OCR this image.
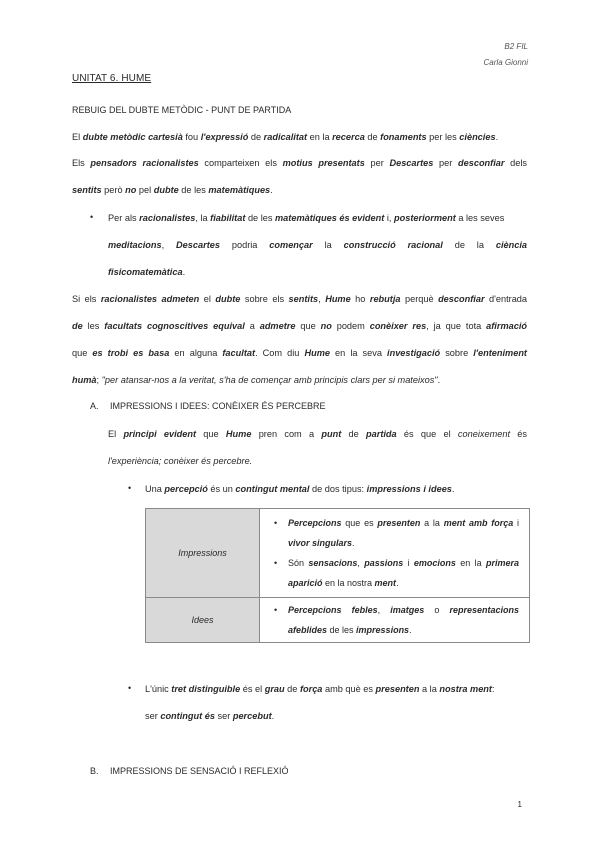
B2 FIL
Carla Gionni
UNITAT 6. HUME
REBUIG DEL DUBTE METÒDIC - PUNT DE PARTIDA
El dubte metòdic cartesià fou l'expressió de radicalitat en la recerca de fonaments per les ciències.
Els pensadors racionalistes comparteixen els motius presentats per Descartes per desconfiar dels
sentits però no pel dubte de les matemàtiques.
• Per als racionalistes, la fiabilitat de les matemàtiques és evident i, posteriorment a les seves
meditacions, Descartes podria començar la construcció racional de la ciència
fisicomatemàtica.
Si els racionalistes admeten el dubte sobre els sentits, Hume ho rebutja perquè desconfiar d'entrada
de les facultats cognoscitives equival a admetre que no podem conèixer res, ja que tota afirmació
que es trobi es basa en alguna facultat. Com diu Hume en la seva investigació sobre l'enteniment
humà; "per atansar-nos a la veritat, s'ha de començar amb principis clars per si mateixos".
A. IMPRESSIONS I IDEES: CONÈIXER ÉS PERCEBRE
El principi evident que Hume pren com a punt de partida és que el coneixement és
l'experiència; conèixer és percebre.
• Una percepció és un contingut mental de dos tipus: impressions i idees.
Impressions	• Percepcions que es presenten a la ment amb força i vivor singulars.
• Són sensacions, passions i emocions en la primera aparició en la nostra ment.

Idees	• Percepcions febles, imatges o representacions afeblides de les impressions.
• L'únic tret distinguible és el grau de força amb què es presenten a la nostra ment:
ser contingut és ser percebut.
B. IMPRESSIONS DE SENSACIÓ I REFLEXIÓ
1
